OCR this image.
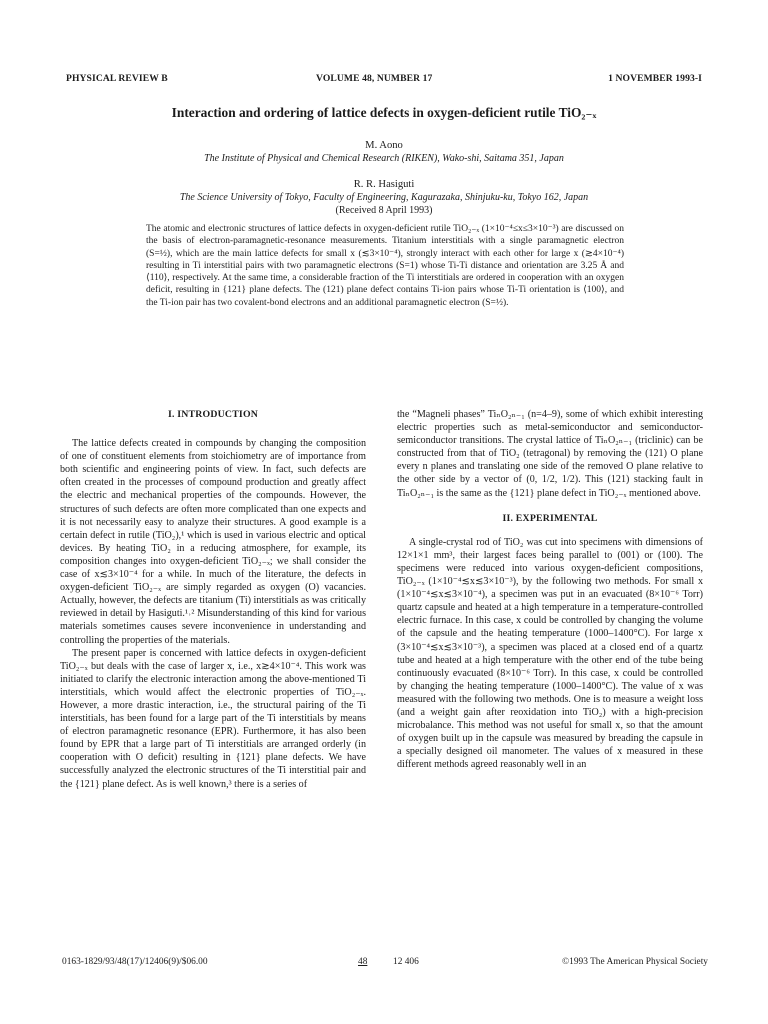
PHYSICAL REVIEW B	VOLUME 48, NUMBER 17	1 NOVEMBER 1993-I
Interaction and ordering of lattice defects in oxygen-deficient rutile TiO₂₋ₓ
M. Aono
The Institute of Physical and Chemical Research (RIKEN), Wako-shi, Saitama 351, Japan
R. R. Hasiguti
The Science University of Tokyo, Faculty of Engineering, Kagurazaka, Shinjuku-ku, Tokyo 162, Japan
(Received 8 April 1993)
The atomic and electronic structures of lattice defects in oxygen-deficient rutile TiO₂₋ₓ (1×10⁻⁴≤x≤3×10⁻³) are discussed on the basis of electron-paramagnetic-resonance measurements. Titanium interstitials with a single paramagnetic electron (S=½), which are the main lattice defects for small x (≲3×10⁻⁴), strongly interact with each other for large x (≳4×10⁻⁴) resulting in Ti interstitial pairs with two paramagnetic electrons (S=1) whose Ti-Ti distance and orientation are 3.25 Å and ⟨110⟩, respectively. At the same time, a considerable fraction of the Ti interstitials are ordered in cooperation with an oxygen deficit, resulting in {121} plane defects. The (121) plane defect contains Ti-ion pairs whose Ti-Ti orientation is ⟨100⟩, and the Ti-ion pair has two covalent-bond electrons and an additional paramagnetic electron (S=½).
I. INTRODUCTION

The lattice defects created in compounds by changing the composition of one of constituent elements from stoichiometry are of importance from both scientific and engineering points of view. In fact, such defects are often created in the processes of compound production and greatly affect the electric and mechanical properties of the compounds. However, the structures of such defects are often more complicated than one expects and it is not necessarily easy to analyze their structures. A good example is a certain defect in rutile (TiO₂),¹ which is used in various electric and optical devices. By heating TiO₂ in a reducing atmosphere, for example, its composition changes into oxygen-deficient TiO₂₋ₓ; we shall consider the case of x≲3×10⁻⁴ for a while. In much of the literature, the defects in oxygen-deficient TiO₂₋ₓ are simply regarded as oxygen (O) vacancies. Actually, however, the defects are titanium (Ti) interstitials as was critically reviewed in detail by Hasiguti.¹˒² Misunderstanding of this kind for various materials sometimes causes severe inconvenience in understanding and controlling the properties of the materials.

The present paper is concerned with lattice defects in oxygen-deficient TiO₂₋ₓ but deals with the case of larger x, i.e., x≳4×10⁻⁴. This work was initiated to clarify the electronic interaction among the above-mentioned Ti interstitials, which would affect the electronic properties of TiO₂₋ₓ. However, a more drastic interaction, i.e., the structural pairing of the Ti interstitials, has been found for a large part of the Ti interstitials by means of electron paramagnetic resonance (EPR). Furthermore, it has also been found by EPR that a large part of Ti interstitials are arranged orderly (in cooperation with O deficit) resulting in {121} plane defects. We have successfully analyzed the electronic structures of the Ti interstitial pair and the {121} plane defect. As is well known,³ there is a series of

the “Magneli phases” TiₙO₂ₙ₋₁ (n=4–9), some of which exhibit interesting electric properties such as metal-semiconductor and semiconductor-semiconductor transitions. The crystal lattice of TiₙO₂ₙ₋₁ (triclinic) can be constructed from that of TiO₂ (tetragonal) by removing the (121) O plane every n planes and translating one side of the removed O plane relative to the other side by a vector of (0, 1/2, 1/2). This (121) stacking fault in TiₙO₂ₙ₋₁ is the same as the {121} plane defect in TiO₂₋ₓ mentioned above.

II. EXPERIMENTAL

A single-crystal rod of TiO₂ was cut into specimens with dimensions of 12×1×1 mm³, their largest faces being parallel to (001) or (100). The specimens were reduced into various oxygen-deficient compositions, TiO₂₋ₓ (1×10⁻⁴≲x≲3×10⁻³), by the following two methods. For small x (1×10⁻⁴≲x≲3×10⁻⁴), a specimen was put in an evacuated (8×10⁻⁶ Torr) quartz capsule and heated at a high temperature in a temperature-controlled electric furnace. In this case, x could be controlled by changing the volume of the capsule and the heating temperature (1000–1400°C). For large x (3×10⁻⁴≲x≲3×10⁻³), a specimen was placed at a closed end of a quartz tube and heated at a high temperature with the other end of the tube being continuously evacuated (8×10⁻⁶ Torr). In this case, x could be controlled by changing the heating temperature (1000–1400°C). The value of x was measured with the following two methods. One is to measure a weight loss (and a weight gain after reoxidation into TiO₂) with a high-precision microbalance. This method was not useful for small x, so that the amount of oxygen built up in the capsule was measured by breading the capsule in a specially designed oil manometer. The values of x measured in these different methods agreed reasonably well in an

0163-1829/93/48(17)/12406(9)/$06.00	48	12 406	©1993 The American Physical Society
